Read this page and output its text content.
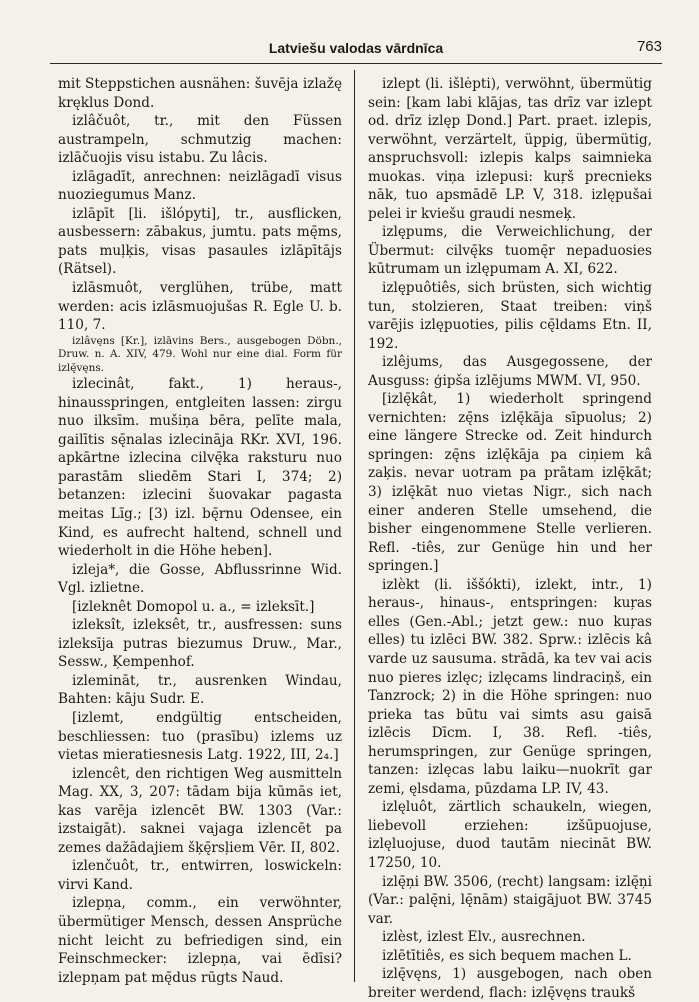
Latviešu valodas vārdnīca	763

mit Steppstichen ausnähen: šuvēja izlažę kręklus Dond.

izlâčuôt, tr., mit den Füssen austrampeln, schmutzig machen: izlāčuojis visu istabu. Zu lâcis.

izlāgadīt, anrechnen: neizlāgadī visus nuoziegumus Manz.

izlāpīt [li. išlópyti], tr., ausflicken, ausbessern: zābakus, jumtu. pats mę̄ms, pats muļķis, visas pasaules izlāpītājs (Rätsel).

izlāsmuôt, verglühen, trübe, matt werden: acis izlāsmuojušas R. Egle U. b. 110, 7.

izlâvęns [Kr.], izlāvins Bers., ausgebogen Döbn., Druw. n. A. XIV, 479. Wohl nur eine dial. Form für izlę̄vęns.

izlecinât, fakt., 1) heraus-, hinausspringen, entgleiten lassen: zirgu nuo ilksīm. mušiņa bēra, pelīte mala, gailītis sę̄nalas izlecināja RKr. XVI, 196. apkārtne izlecina cilvę̄ka raksturu nuo parastām sliedēm Stari I, 374; 2) betanzen: izlecini šuovakar pagasta meitas Līg.; [3) izl. bę̄rnu Odensee, ein Kind, es aufrecht haltend, schnell und wiederholt in die Höhe heben].

izleja*, die Gosse, Abflussrinne Wid. Vgl. izlietne.

[izleknêt Domopol u. a., = izleksīt.]

izleksît, izleksêt, tr., ausfressen: suns izleksīja putras biezumus Druw., Mar., Sessw., Ķempenhof.

izlemināt, tr., ausrenken Windau, Bahten: kāju Sudr. E.

[izlemt, endgültig entscheiden, beschliessen: tuo (prasību) izlems uz vietas mieratiesnesis Latg. 1922, III, 2₄.]

izlencêt, den richtigen Weg ausmitteln Mag. XX, 3, 207: tādam bija kūmās iet, kas varēja izlencēt BW. 1303 (Var.: izstaigāt). saknei vajaga izlencēt pa zemes dažādajiem šķę̄rsļiem Vēr. II, 802.

izlenčuôt, tr., entwirren, loswickeln: virvi Kand.

izlepņa, comm., ein verwöhnter, übermütiger Mensch, dessen Ansprüche nicht leicht zu befriedigen sind, ein Feinschmecker: izlepņa, vai ēdīsi? izlepņam pat mę̄dus rūgts Naud.

izlept (li. išlėpti), verwöhnt, übermütig sein: [kam labi klājas, tas drīz var izlept od. drīz izlęp Dond.] Part. praet. izlepis, verwöhnt, verzärtelt, üppig, übermütig, anspruchsvoll: izlepis kalps saimnieka muokas. viņa izlepusi: kuŗš precnieks nāk, tuo apsmādē LP. V, 318. izlępušai pelei ir kviešu graudi nesmeķ.

izlępums, die Verweichlichung, der Übermut: cilvę̄ks tuomę̄r nepaduosies kūtrumam un izlępumam A. XI, 622.

izlępuôtiês, sich brüsten, sich wichtig tun, stolzieren, Staat treiben: viņš varējis izlępuoties, pilis cę̄ldams Etn. II, 192.

izlêjums, das Ausgegossene, der Ausguss: ģipša izlējums MWM. VI, 950.

[izlę̄kât, 1) wiederholt springend vernichten: zę̄ns izlę̄kāja sīpuolus; 2) eine längere Strecke od. Zeit hindurch springen: zę̄ns izlę̄kāja pa ciņiem kâ zaķis. nevar uotram pa prātam izlę̄kāt; 3) izlę̄kāt nuo vietas Nigr., sich nach einer anderen Stelle umsehend, die bisher eingenommene Stelle verlieren. Refl. -tiês, zur Genüge hin und her springen.]

izlèkt (li. iššókti), izlekt, intr., 1) heraus-, hinaus-, entspringen: kuŗas elles (Gen.-Abl.; jetzt gew.: nuo kuŗas elles) tu izlēci BW. 382. Sprw.: izlēcis kâ varde uz sausuma. strādā, ka tev vai acis nuo pieres izlęc; izlęcams lindraciņš, ein Tanzrock; 2) in die Höhe springen: nuo prieka tas būtu vai simts asu gaisā izlēcis Dīcm. I, 38. Refl. -tiês, herumspringen, zur Genüge springen, tanzen: izlęcas labu laiku—nuokrīt gar zemi, ęlsdama, pūzdama LP. IV, 43.

izlęluôt, zärtlich schaukeln, wiegen, liebevoll erziehen: izšūpuojuse, izlęluojuse, duod tautām niecināt BW. 17250, 10.

izlę̄ņi BW. 3506, (recht) langsam: izlę̄ņi (Var.: palę̄ni, lę̄nām) staigājuot BW. 3745 var.

izlèst, izlest Elv., ausrechnen.

izlētītiês, es sich bequem machen L.

izlę̄vęns, 1) ausgebogen, nach oben breiter werdend, flach: izlę̄vęns traukš
